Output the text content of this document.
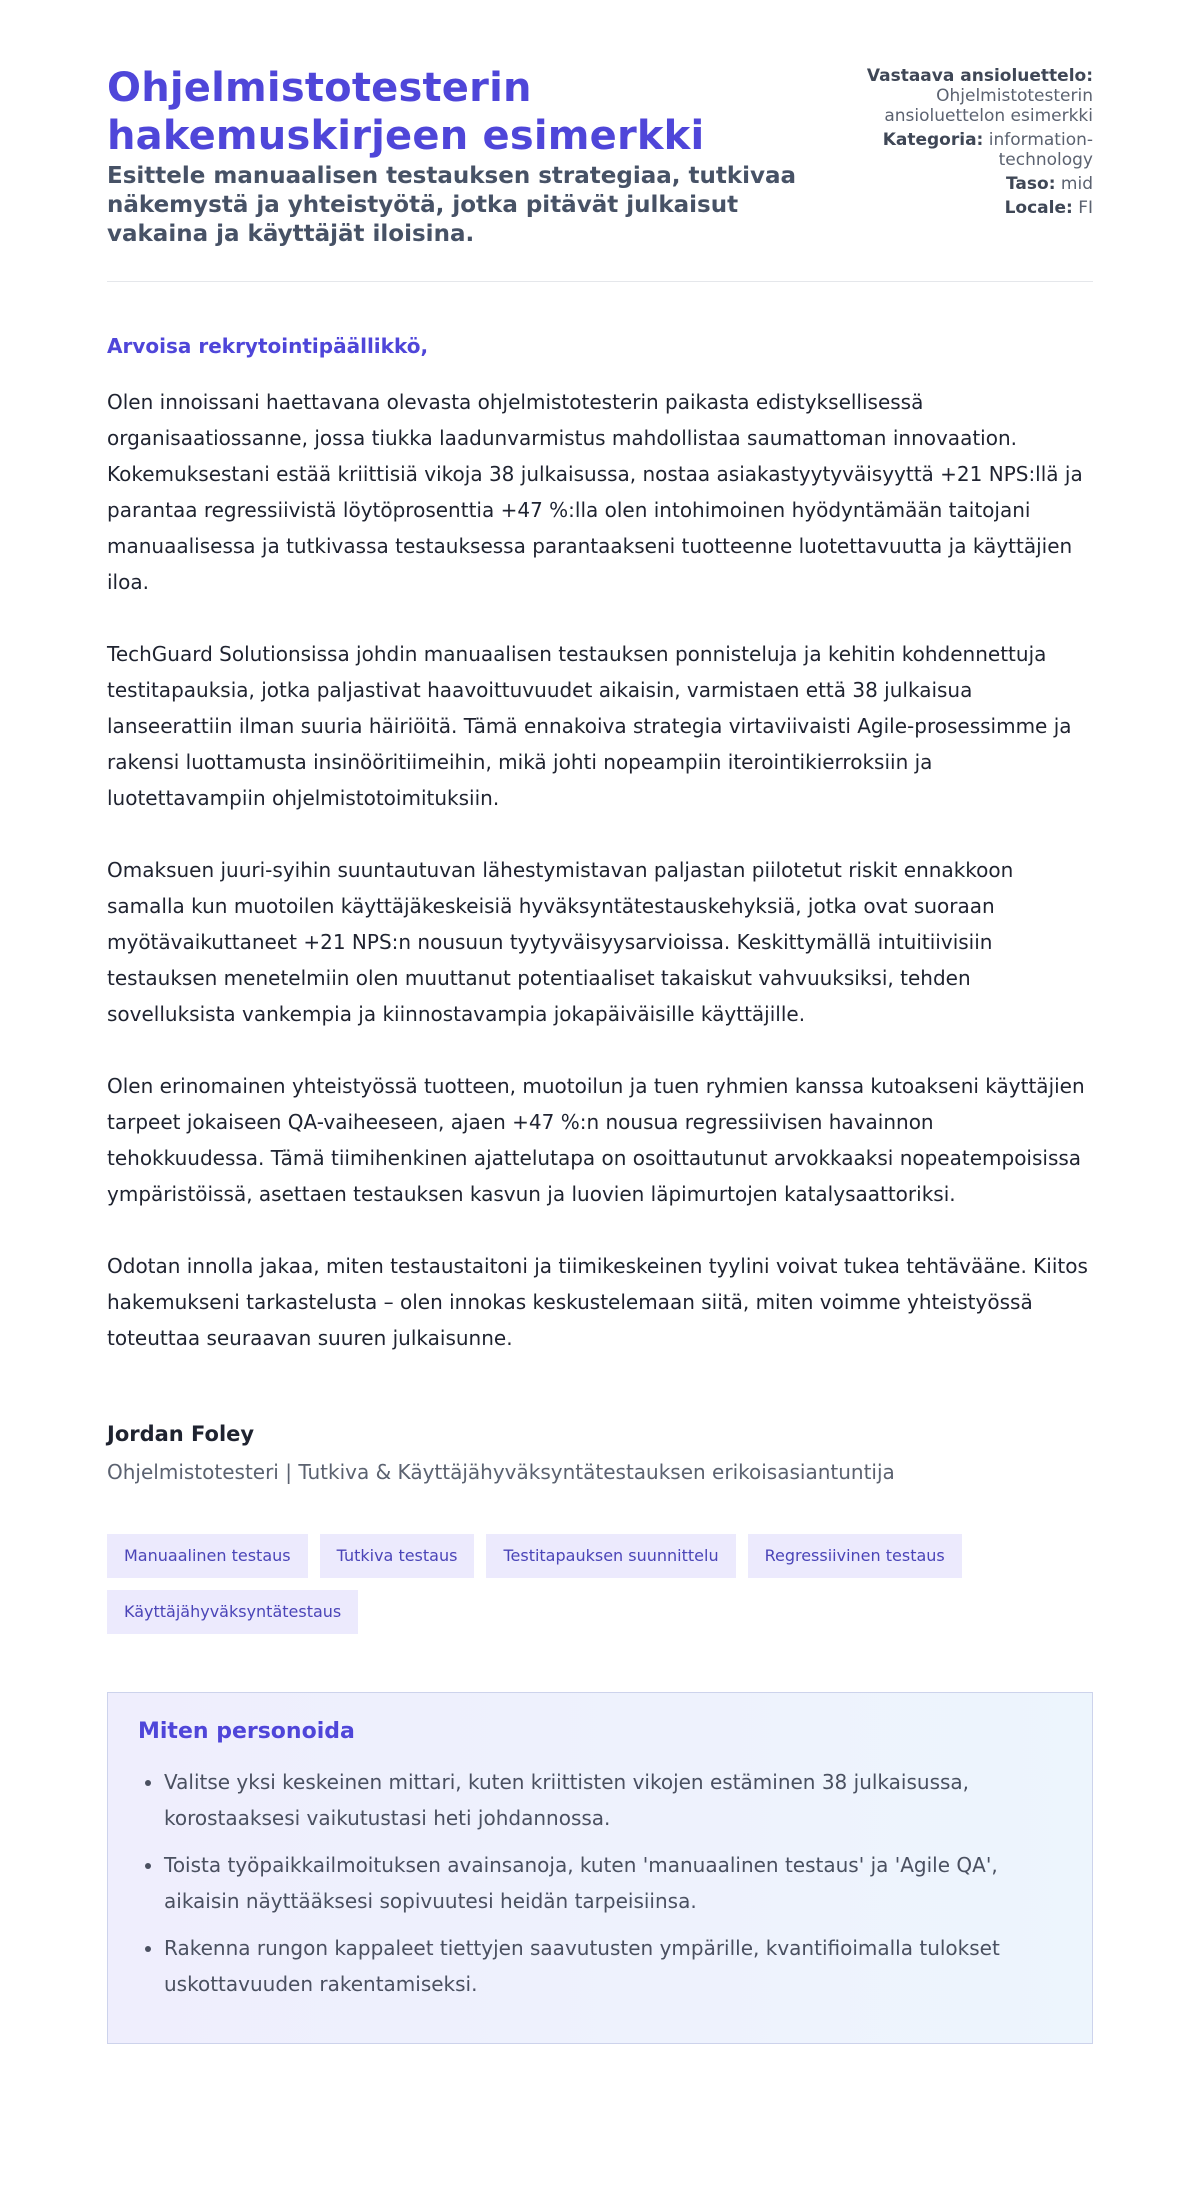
Ohjelmistotesterin hakemuskirjeen esimerkki
Esittele manuaalisen testauksen strategiaa, tutkivaa näkemystä ja yhteistyötä, jotka pitävät julkaisut vakaina ja käyttäjät iloisina.
Vastaava ansioluettelo: Ohjelmistotesterin ansioluettelon esimerkki
Kategoria: information-technology
Taso: mid
Locale: FI
Arvoisa rekrytointipäällikkö,

Olen innoissani haettavana olevasta ohjelmistotesterin paikasta edistyksellisessä organisaatiossanne, jossa tiukka laadunvarmistus mahdollistaa saumattoman innovaation. Kokemuksestani estää kriittisiä vikoja 38 julkaisussa, nostaa asiakastyytyväisyyttä +21 NPS:llä ja parantaa regressiivistä löytöprosenttia +47 %:lla olen intohimoinen hyödyntämään taitojani manuaalisessa ja tutkivassa testauksessa parantaakseni tuotteenne luotettavuutta ja käyttäjien iloa.

TechGuard Solutionsissa johdin manuaalisen testauksen ponnisteluja ja kehitin kohdennettuja testitapauksia, jotka paljastivat haavoittuvuudet aikaisin, varmistaen että 38 julkaisua lanseerattiin ilman suuria häiriöitä. Tämä ennakoiva strategia virtaviivaisti Agile-prosessimme ja rakensi luottamusta insinööritiimeihin, mikä johti nopeampiin iterointikierroksiin ja luotettavampiin ohjelmistotoimituksiin.

Omaksuen juuri-syihin suuntautuvan lähestymistavan paljastan piilotetut riskit ennakkoon samalla kun muotoilen käyttäjäkeskeisiä hyväksyntätestauskehyksiä, jotka ovat suoraan myötävaikuttaneet +21 NPS:n nousuun tyytyväisyysarvioissa. Keskittymällä intuitiivisiin testauksen menetelmiin olen muuttanut potentiaaliset takaiskut vahvuuksiksi, tehden sovelluksista vankempia ja kiinnostavampia jokapäiväisille käyttäjille.

Olen erinomainen yhteistyössä tuotteen, muotoilun ja tuen ryhmien kanssa kutoakseni käyttäjien tarpeet jokaiseen QA-vaiheeseen, ajaen +47 %:n nousua regressiivisen havainnon tehokkuudessa. Tämä tiimihenkinen ajattelutapa on osoittautunut arvokkaaksi nopeatempoisissa ympäristöissä, asettaen testauksen kasvun ja luovien läpimurtojen katalysaattoriksi.

Odotan innolla jakaa, miten testaustaitoni ja tiimikeskeinen tyylini voivat tukea tehtävääne. Kiitos hakemukseni tarkastelusta – olen innokas keskustelemaan siitä, miten voimme yhteistyössä toteuttaa seuraavan suuren julkaisunne.

Jordan Foley
Ohjelmistotesteri | Tutkiva & Käyttäjähyväksyntätestauksen erikoisasiantuntija
Manuaalinen testaus	Tutkiva testaus	Testitapauksen suunnittelu	Regressiivinen testaus
Käyttäjähyväksyntätestaus
Miten personoida
• Valitse yksi keskeinen mittari, kuten kriittisten vikojen estäminen 38 julkaisussa, korostaaksesi vaikutustasi heti johdannossa.
• Toista työpaikkailmoituksen avainsanoja, kuten 'manuaalinen testaus' ja 'Agile QA', aikaisin näyttääksesi sopivuutesi heidän tarpeisiinsa.
• Rakenna rungon kappaleet tiettyjen saavutusten ympärille, kvantifioimalla tulokset uskottavuuden rakentamiseksi.
